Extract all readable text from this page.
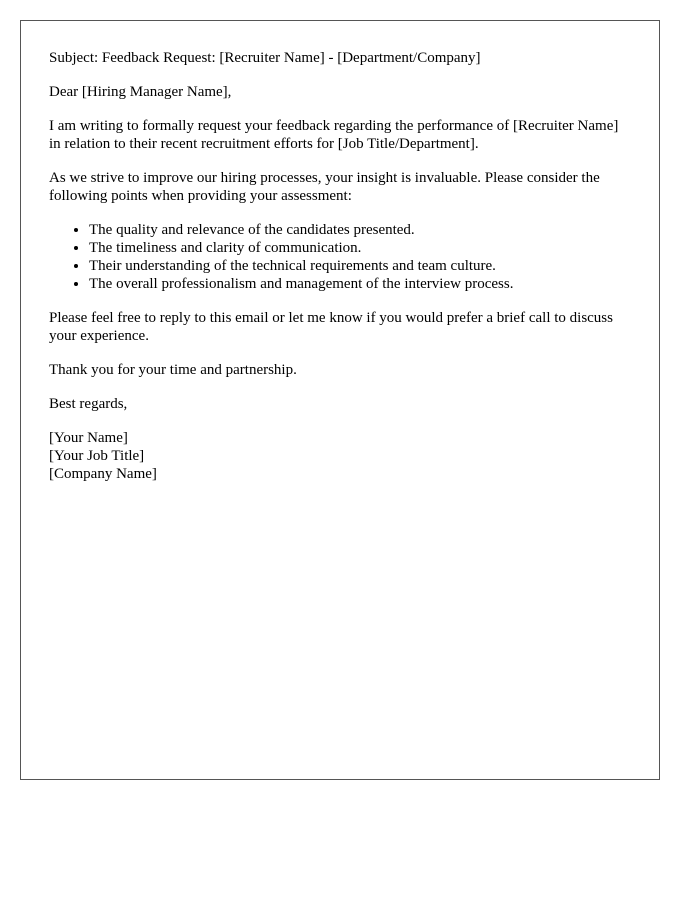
Subject: Feedback Request: [Recruiter Name] - [Department/Company]

Dear [Hiring Manager Name],

I am writing to formally request your feedback regarding the performance of [Recruiter Name] in relation to their recent recruitment efforts for [Job Title/Department].

As we strive to improve our hiring processes, your insight is invaluable. Please consider the following points when providing your assessment:

• The quality and relevance of the candidates presented.
• The timeliness and clarity of communication.
• Their understanding of the technical requirements and team culture.
• The overall professionalism and management of the interview process.

Please feel free to reply to this email or let me know if you would prefer a brief call to discuss your experience.

Thank you for your time and partnership.

Best regards,

[Your Name]
[Your Job Title]
[Company Name]
